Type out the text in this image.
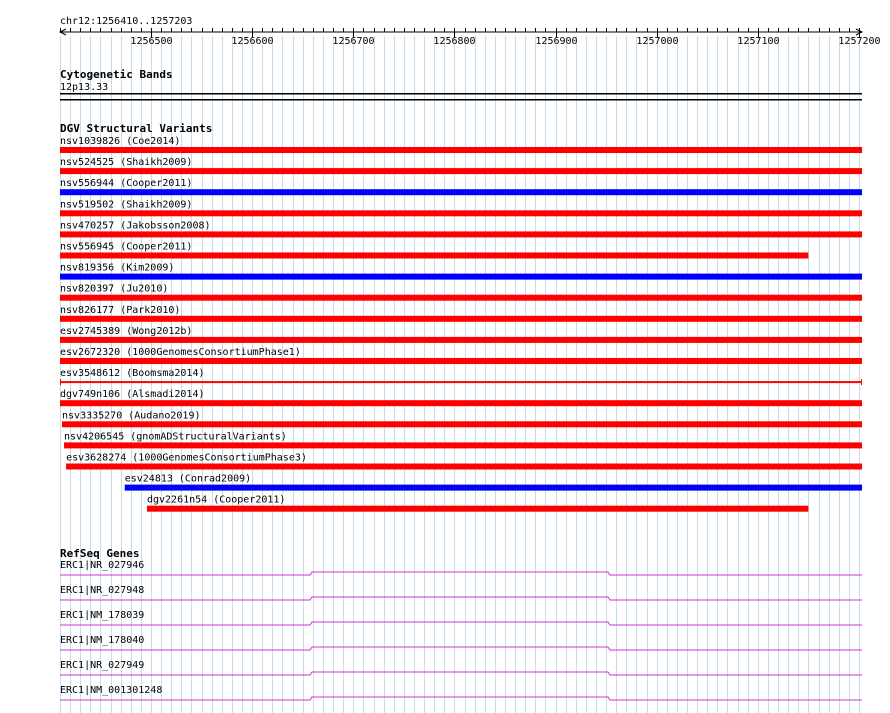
chr12:1256410..1257203
1256500	1256600	1256700	1256800	1256900	1257000	1257100	1257200
Cytogenetic Bands
12p13.33
DGV Structural Variants
nsv1039826 (Coe2014)
nsv524525 (Shaikh2009)
nsv556944 (Cooper2011)
nsv519502 (Shaikh2009)
nsv470257 (Jakobsson2008)
nsv556945 (Cooper2011)
nsv819356 (Kim2009)
nsv820397 (Ju2010)
nsv826177 (Park2010)
esv2745389 (Wong2012b)
esv2672320 (1000GenomesConsortiumPhase1)
esv3548612 (Boomsma2014)
dgv749n106 (Alsmadi2014)
nsv3335270 (Audano2019)
nsv4206545 (gnomADStructuralVariants)
esv3628274 (1000GenomesConsortiumPhase3)
esv24813 (Conrad2009)
dgv2261n54 (Cooper2011)
RefSeq Genes
ERC1|NR_027946
ERC1|NR_027948
ERC1|NM_178039
ERC1|NM_178040
ERC1|NR_027949
ERC1|NM_001301248
